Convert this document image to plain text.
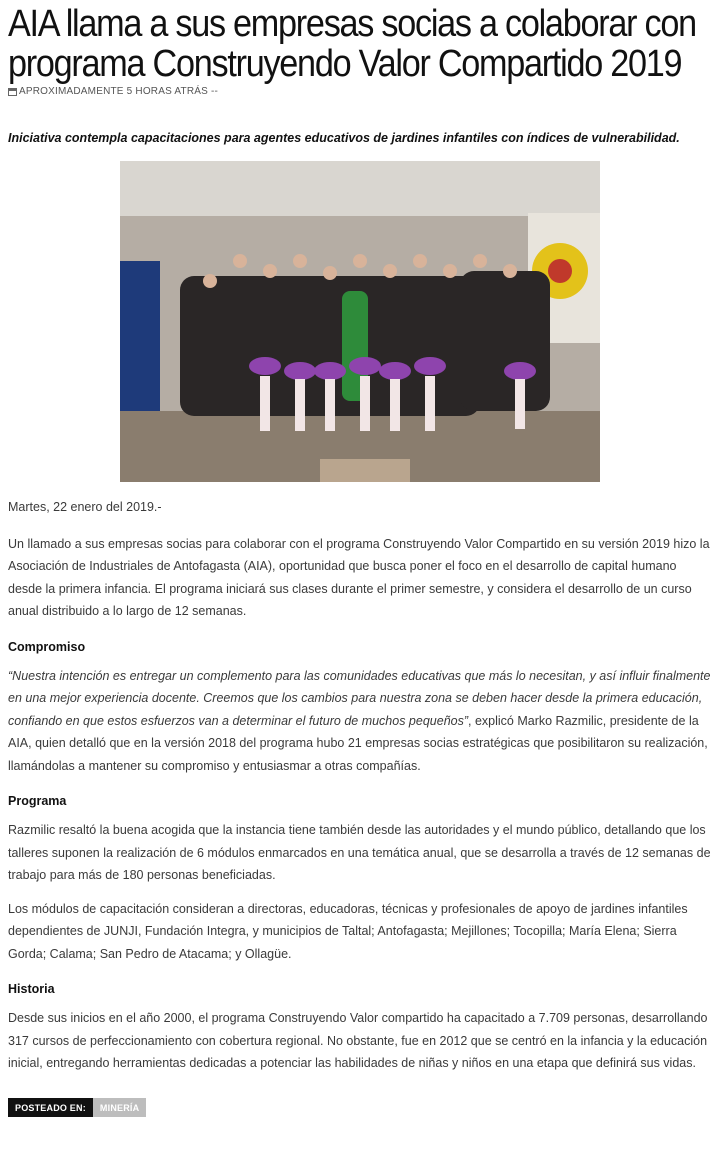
AIA llama a sus empresas socias a colaborar con programa Construyendo Valor Compartido 2019
APROXIMADAMENTE 5 HORAS ATRÁS --
Iniciativa contempla capacitaciones para agentes educativos de jardines infantiles con índices de vulnerabilidad.

Martes, 22 enero del 2019.-

Un llamado a sus empresas socias para colaborar con el programa Construyendo Valor Compartido en su versión 2019 hizo la Asociación de Industriales de Antofagasta (AIA), oportunidad que busca poner el foco en el desarrollo de capital humano desde la primera infancia. El programa iniciará sus clases durante el primer semestre, y considera el desarrollo de un curso anual distribuido a lo largo de 12 semanas.

Compromiso

“Nuestra intención es entregar un complemento para las comunidades educativas que más lo necesitan, y así influir finalmente en una mejor experiencia docente. Creemos que los cambios para nuestra zona se deben hacer desde la primera educación, confiando en que estos esfuerzos van a determinar el futuro de muchos pequeños”, explicó Marko Razmilic, presidente de la AIA, quien detalló que en la versión 2018 del programa hubo 21 empresas socias estratégicas que posibilitaron su realización, llamándolas a mantener su compromiso y entusiasmar a otras compañías.

Programa

Razmilic resaltó la buena acogida que la instancia tiene también desde las autoridades y el mundo público, detallando que los talleres suponen la realización de 6 módulos enmarcados en una temática anual, que se desarrolla a través de 12 semanas de trabajo para más de 180 personas beneficiadas.

Los módulos de capacitación consideran a directoras, educadoras, técnicas y profesionales de apoyo de jardines infantiles dependientes de JUNJI, Fundación Integra, y municipios de Taltal; Antofagasta; Mejillones; Tocopilla; María Elena; Sierra Gorda; Calama; San Pedro de Atacama; y Ollagüe.

Historia

Desde sus inicios en el año 2000, el programa Construyendo Valor compartido ha capacitado a 7.709 personas, desarrollando 317 cursos de perfeccionamiento con cobertura regional. No obstante, fue en 2012 que se centró en la infancia y la educación inicial, entregando herramientas dedicadas a potenciar las habilidades de niñas y niños en una etapa que definirá sus vidas.

POSTEADO EN:	MINERÍA
